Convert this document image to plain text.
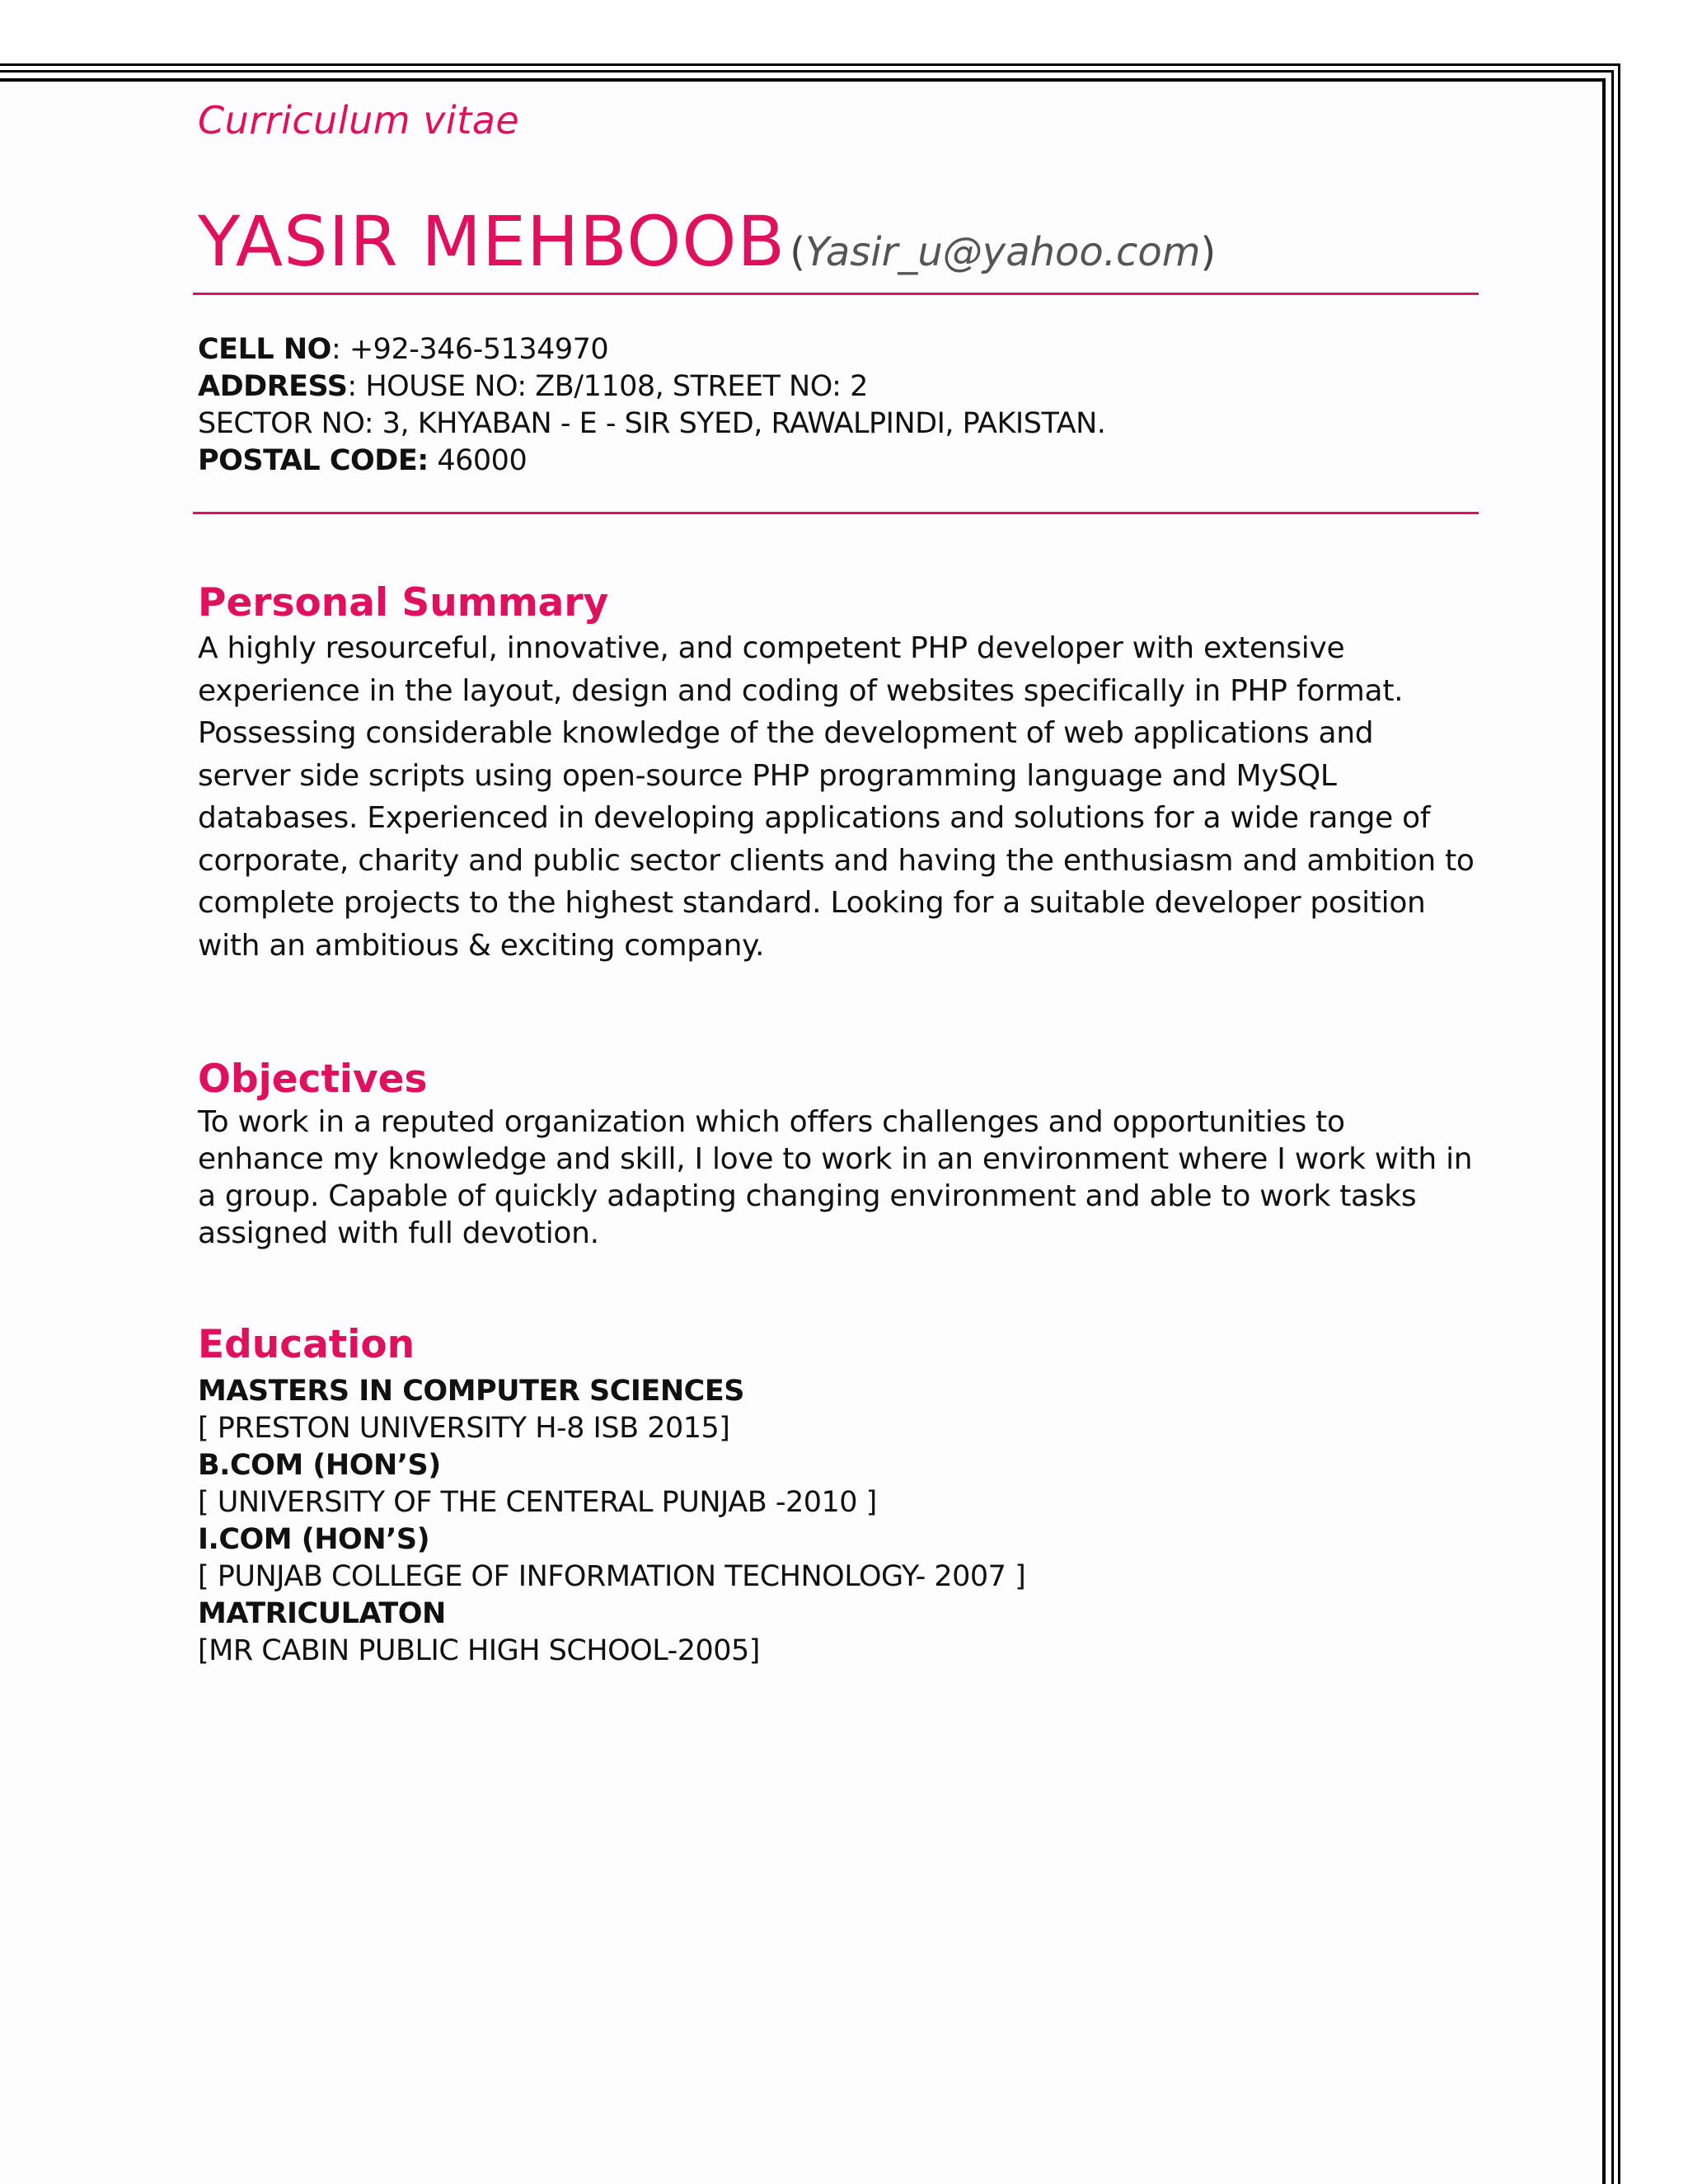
Curriculum vitae
YASIR MEHBOOB (Yasir_u@yahoo.com)
CELL NO: +92-346-5134970
ADDRESS: HOUSE NO: ZB/1108, STREET NO: 2
SECTOR NO: 3, KHYABAN - E - SIR SYED, RAWALPINDI, PAKISTAN.
POSTAL CODE: 46000
Personal Summary
A highly resourceful, innovative, and competent PHP developer with extensive
experience in the layout, design and coding of websites specifically in PHP format.
Possessing considerable knowledge of the development of web applications and
server side scripts using open-source PHP programming language and MySQL
databases. Experienced in developing applications and solutions for a wide range of
corporate, charity and public sector clients and having the enthusiasm and ambition to
complete projects to the highest standard. Looking for a suitable developer position
with an ambitious & exciting company.
Objectives
To work in a reputed organization which offers challenges and opportunities to
enhance my knowledge and skill, I love to work in an environment where I work with in
a group. Capable of quickly adapting changing environment and able to work tasks
assigned with full devotion.
Education
MASTERS IN COMPUTER SCIENCES
[ PRESTON UNIVERSITY H-8 ISB 2015]
B.COM (HON’S)
[ UNIVERSITY OF THE CENTERAL PUNJAB -2010 ]
I.COM (HON’S)
[ PUNJAB COLLEGE OF INFORMATION TECHNOLOGY- 2007 ]
MATRICULATON
[MR CABIN PUBLIC HIGH SCHOOL-2005]
